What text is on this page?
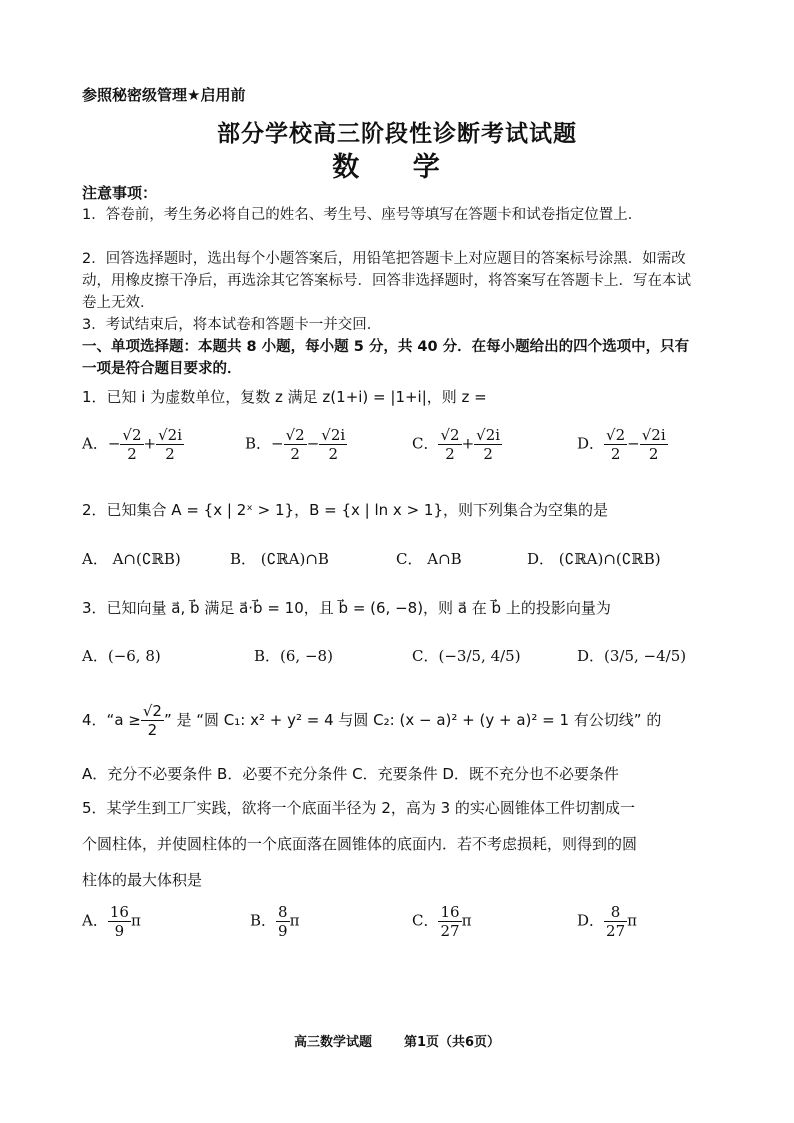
参照秘密级管理★启用前
部分学校高三阶段性诊断考试试题
数 学
注意事项：
1．答卷前，考生务必将自己的姓名、考生号、座号等填写在答题卡和试卷指定位置上．
2．回答选择题时，选出每个小题答案后，用铅笔把答题卡上对应题目的答案标号涂黑．如需改动，用橡皮擦干净后，再选涂其它答案标号．回答非选择题时，将答案写在答题卡上．写在本试卷上无效．
3．考试结束后，将本试卷和答题卡一并交回．
一、单项选择题：本题共 8 小题，每小题 5 分，共 40 分．在每小题给出的四个选项中，只有一项是符合题目要求的．
1．已知 i 为虚数单位，复数 z 满足 z(1+i) = |1+i|，则 z =
A．− $\frac{√2}{2} + \frac{√2i}{2}$	B．− $\frac{√2}{2} - \frac{√2i}{2}$	C． $\frac{√2}{2} + \frac{√2i}{2}$	D． $\frac{√2}{2} - \frac{√2i}{2}$
2．已知集合 A = {x | 2ˣ > 1}，B = {x | ln x > 1}，则下列集合为空集的是
A． A∩(∁ℝB)	B． (∁ℝA)∩B	C． A∩B	D． (∁ℝA)∩(∁ℝB)
3．已知向量 a⃗, b⃗ 满足 a⃗·b⃗ = 10，且 b⃗ = (6, −8)，则 a⃗ 在 b⃗ 上的投影向量为
A．(−6, 8)	B．(6, −8)	C．(−3/5, 4/5)	D．(3/5, −4/5)
4．“$a \ge \frac{√2}{2}$ ” 是 “圆 C₁: x² + y² = 4 与圆 C₂: (x − a)² + (y + a)² = 1 有公切线” 的
A．充分不必要条件 B．必要不充分条件 C．充要条件 D．既不充分也不必要条件
5．某学生到工厂实践，欲将一个底面半径为 2，高为 3 的实心圆锥体工件切割成一
个圆柱体，并使圆柱体的一个底面落在圆锥体的底面内．若不考虑损耗，则得到的圆
柱体的最大体积是
A． $\frac{16}{9}$ π	B． $\frac{8}{9}$ π	C． $\frac{16}{27}$ π	D． $\frac{8}{27}$ π
高三数学试题 第1页（共6页）
